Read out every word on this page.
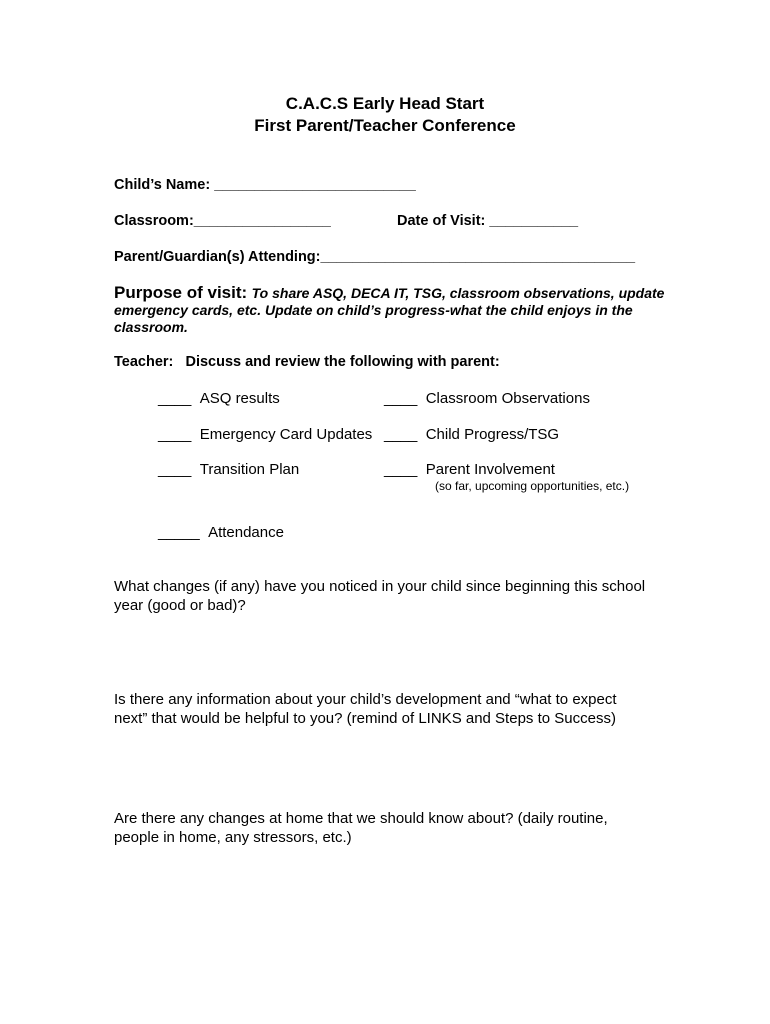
C.A.C.S Early Head Start
First Parent/Teacher Conference
Child’s Name: _________________________
Classroom:_________________	Date of Visit: ___________
Parent/Guardian(s) Attending:_______________________________________
Purpose of visit: To share ASQ, DECA IT, TSG, classroom observations, update emergency cards, etc. Update on child’s progress-what the child enjoys in the classroom.
Teacher: Discuss and review the following with parent:
____ ASQ results	____ Classroom Observations
____ Emergency Card Updates ____ Child Progress/TSG
____ Transition Plan	____ Parent Involvement
(so far, upcoming opportunities, etc.)
_____ Attendance
What changes (if any) have you noticed in your child since beginning this school year (good or bad)?
Is there any information about your child’s development and “what to expect next” that would be helpful to you? (remind of LINKS and Steps to Success)
Are there any changes at home that we should know about? (daily routine, people in home, any stressors, etc.)
